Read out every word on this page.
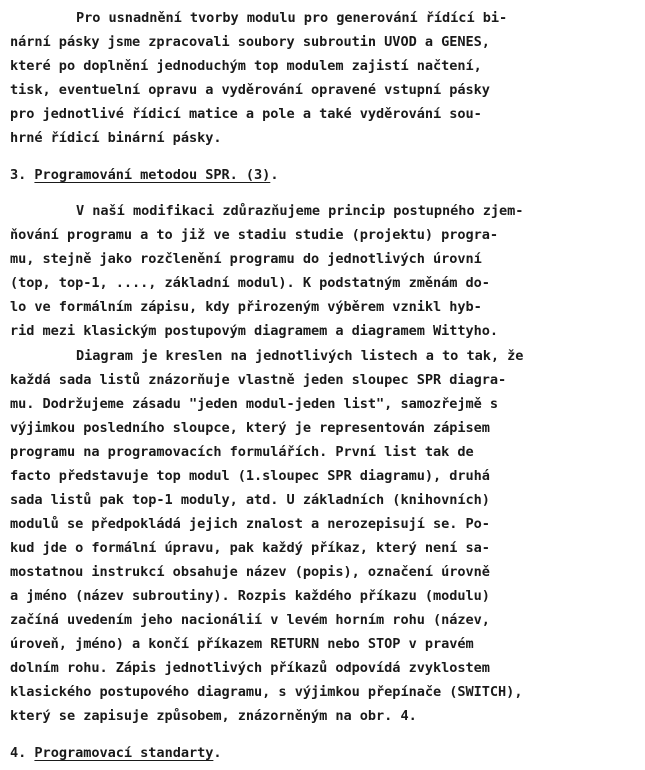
Pro usnadnění tvorby modulu pro generování řídící bi-
nární pásky jsme zpracovali soubory subroutin UVOD a GENES,
které po doplnění jednoduchým top modulem zajistí načtení,
tisk, eventuelní opravu a vyděrování opravené vstupní pásky
pro jednotlivé řídicí matice a pole a také vyděrování sou-
hrné řídicí binární pásky.
3. Programování metodou SPR. (3).
V naší modifikaci zdůrazňujeme princip postupného zjem-
ňování programu a to již ve stadiu studie (projektu) progra-
mu, stejně jako rozčlenění programu do jednotlivých úrovní
(top, top-1, ...., základní modul). K podstatným změnám do-
lo ve formálním zápisu, kdy přirozeným výběrem vznikl hyb-
rid mezi klasickým postupovým diagramem a diagramem Wittyho.
Diagram je kreslen na jednotlivých listech a to tak, že
každá sada listů znázorňuje vlastně jeden sloupec SPR diagra-
mu. Dodržujeme zásadu "jeden modul-jeden list", samozřejmě s
výjimkou posledního sloupce, který je representován zápisem
programu na programovacích formulářích. První list tak de
facto představuje top modul (1.sloupec SPR diagramu), druhá
sada listů pak top-1 moduly, atd. U základních (knihovních)
modulů se předpokládá jejich znalost a nerozepisují se. Po-
kud jde o formální úpravu, pak každý příkaz, který není sa-
mostatnou instrukcí obsahuje název (popis), označení úrovně
a jméno (název subroutiny). Rozpis každého příkazu (modulu)
začíná uvedením jeho nacionálií v levém horním rohu (název,
úroveň, jméno) a končí příkazem RETURN nebo STOP v pravém
dolním rohu. Zápis jednotlivých příkazů odpovídá zvyklostem
klasického postupového diagramu, s výjimkou přepínače (SWITCH),
který se zapisuje způsobem, znázorněným na obr. 4.
4. Programovací standarty.
